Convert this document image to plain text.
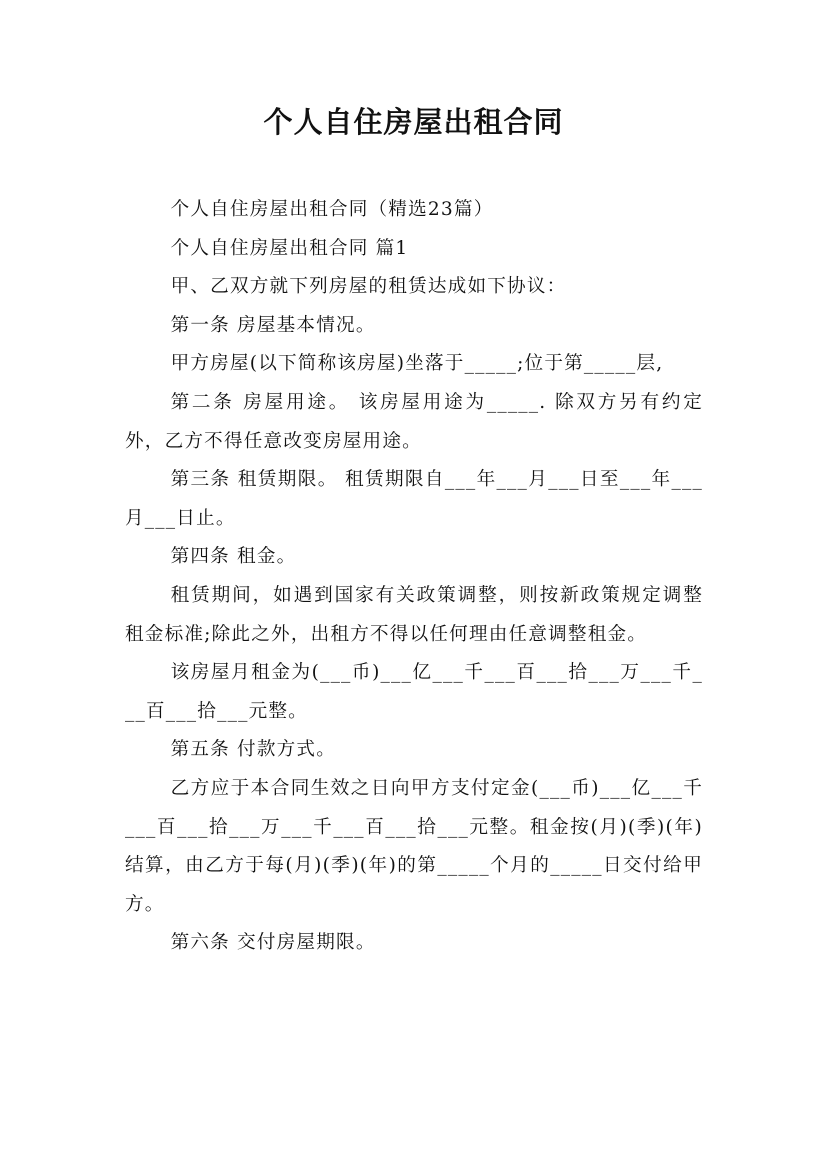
个人自住房屋出租合同

个人自住房屋出租合同（精选23篇）

个人自住房屋出租合同 篇1

甲、乙双方就下列房屋的租赁达成如下协议：

第一条 房屋基本情况。

甲方房屋(以下简称该房屋)坐落于_____;位于第_____层,

第二条 房屋用途。 该房屋用途为_____. 除双方另有约定外，乙方不得任意改变房屋用途。

第三条 租赁期限。 租赁期限自___年___月___日至___年___月___日止。

第四条 租金。

租赁期间，如遇到国家有关政策调整，则按新政策规定调整租金标准;除此之外，出租方不得以任何理由任意调整租金。

该房屋月租金为(___币)___亿___千___百___拾___万___千___百___拾___元整。

第五条 付款方式。

乙方应于本合同生效之日向甲方支付定金(___币)___亿___千___百___拾___万___千___百___拾___元整。租金按(月)(季)(年)结算，由乙方于每(月)(季)(年)的第_____个月的_____日交付给甲方。

第六条 交付房屋期限。
